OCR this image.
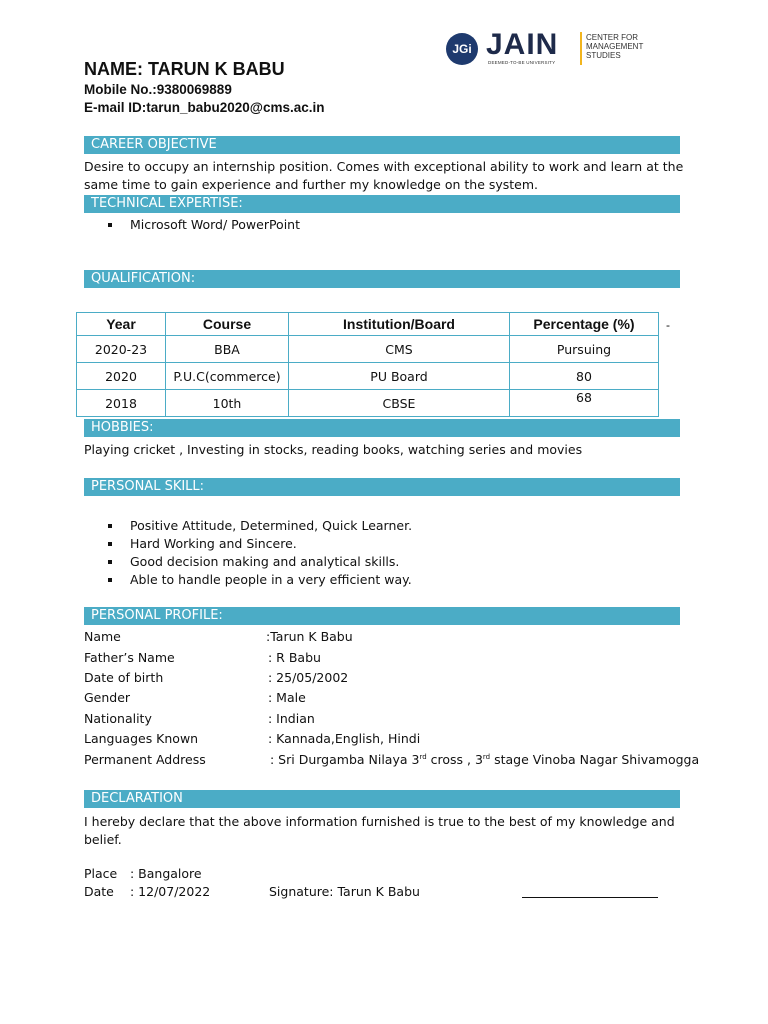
JGi JAIN
DEEMED-TO-BE UNIVERSITY
CENTER FOR
MANAGEMENT
STUDIES
NAME: TARUN K BABU
Mobile No.:9380069889
E-mail ID:tarun_babu2020@cms.ac.in
CAREER OBJECTIVE
Desire to occupy an internship position. Comes with exceptional ability to work and learn at the same time to gain experience and further my knowledge on the system.
TECHNICAL EXPERTISE:
Microsoft Word/ PowerPoint
QUALIFICATION:
Year	Course	Institution/Board	Percentage (%)
2020-23	BBA	CMS	Pursuing
2020	P.U.C(commerce)	PU Board	80
2018	10th	CBSE	68
-
HOBBIES:
Playing cricket , Investing in stocks, reading books, watching series and movies
PERSONAL SKILL:
Positive Attitude, Determined, Quick Learner.
Hard Working and Sincere.
Good decision making and analytical skills.
Able to handle people in a very efficient way.
PERSONAL PROFILE:
Name	:Tarun K Babu
Father’s Name	: R Babu
Date of birth	: 25/05/2002
Gender	: Male
Nationality	: Indian
Languages Known	: Kannada,English, Hindi
Permanent Address	: Sri Durgamba Nilaya 3rd cross , 3rd stage Vinoba Nagar Shivamogga
DECLARATION
I hereby declare that the above information furnished is true to the best of my knowledge and belief.
Place : Bangalore
Date : 12/07/2022	Signature: Tarun K Babu
